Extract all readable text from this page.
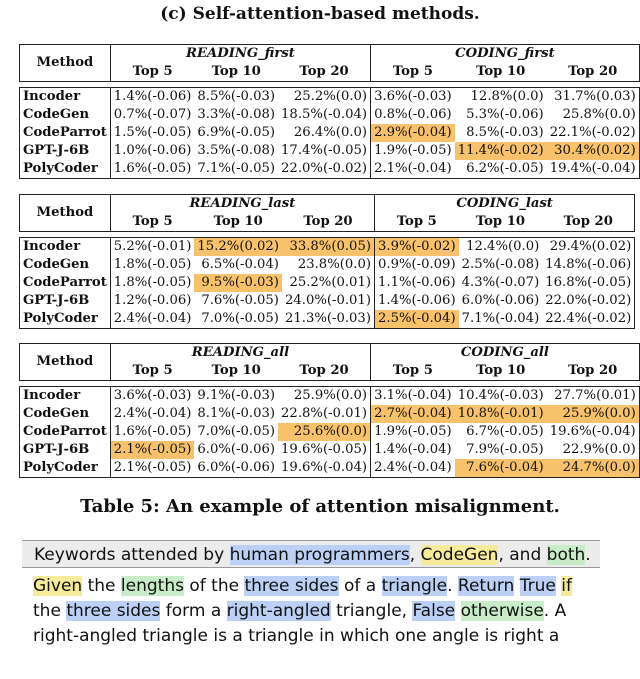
(c) Self-attention-based methods.
Method	READING_first			CODING_first		
	Top 5	Top 10	Top 20	Top 5	Top 10	Top 20

Incoder	1.4%(-0.06)	8.5%(-0.03)	25.2%(0.0)	3.6%(-0.03)	12.8%(0.0)	31.7%(0.03)
CodeGen	0.7%(-0.07)	3.3%(-0.08)	18.5%(-0.04)	0.8%(-0.06)	5.3%(-0.06)	25.8%(0.0)
CodeParrot	1.5%(-0.05)	6.9%(-0.05)	26.4%(0.0)	2.9%(-0.04)	8.5%(-0.03)	22.1%(-0.02)
GPT-J-6B	1.0%(-0.06)	3.5%(-0.08)	17.4%(-0.05)	1.9%(-0.05)	11.4%(-0.02)	30.4%(0.02)
PolyCoder	1.6%(-0.05)	7.1%(-0.05)	22.0%(-0.02)	2.1%(-0.04)	6.2%(-0.05)	19.4%(-0.04)
Method	READING_last			CODING_last		
	Top 5	Top 10	Top 20	Top 5	Top 10	Top 20

Incoder	5.2%(-0.01)	15.2%(0.02)	33.8%(0.05)	3.9%(-0.02)	12.4%(0.0)	29.4%(0.02)
CodeGen	1.8%(-0.05)	6.5%(-0.04)	23.8%(0.0)	0.9%(-0.09)	2.5%(-0.08)	14.8%(-0.06)
CodeParrot	1.8%(-0.05)	9.5%(-0.03)	25.2%(0.01)	1.1%(-0.06)	4.3%(-0.07)	16.8%(-0.05)
GPT-J-6B	1.2%(-0.06)	7.6%(-0.05)	24.0%(-0.01)	1.4%(-0.06)	6.0%(-0.06)	22.0%(-0.02)
PolyCoder	2.4%(-0.04)	7.0%(-0.05)	21.3%(-0.03)	2.5%(-0.04)	7.1%(-0.04)	22.4%(-0.02)
Method	READING_all			CODING_all		
	Top 5	Top 10	Top 20	Top 5	Top 10	Top 20

Incoder	3.6%(-0.03)	9.1%(-0.03)	25.9%(0.0)	3.1%(-0.04)	10.4%(-0.03)	27.7%(0.01)
CodeGen	2.4%(-0.04)	8.1%(-0.03)	22.8%(-0.01)	2.7%(-0.04)	10.8%(-0.01)	25.9%(0.0)
CodeParrot	1.6%(-0.05)	7.0%(-0.05)	25.6%(0.0)	1.9%(-0.05)	6.7%(-0.05)	19.6%(-0.04)
GPT-J-6B	2.1%(-0.05)	6.0%(-0.06)	19.6%(-0.05)	1.4%(-0.04)	7.9%(-0.05)	22.9%(0.0)
PolyCoder	2.1%(-0.05)	6.0%(-0.06)	19.6%(-0.04)	2.4%(-0.04)	7.6%(-0.04)	24.7%(0.0)
Table 5: An example of attention misalignment.
Keywords attended by human programmers, CodeGen, and both.
Given the lengths of the three sides of a triangle. Return True if the three sides form a right-angled triangle, False otherwise. A right-angled triangle is a triangle in which one angle is right a
